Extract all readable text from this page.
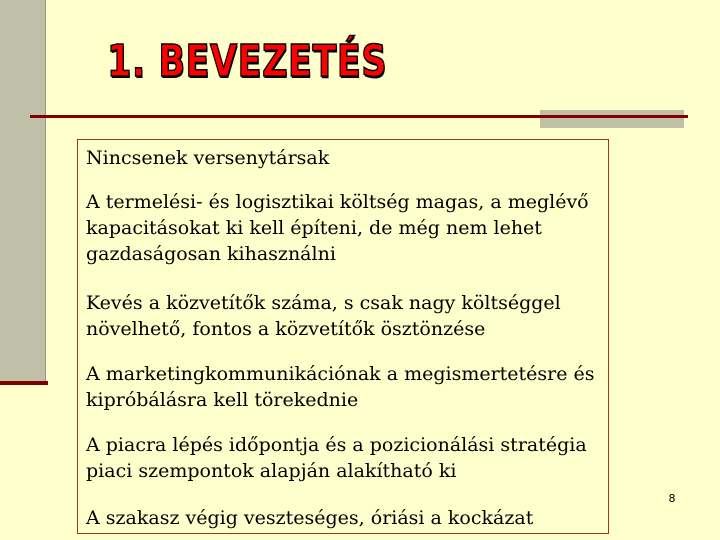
1. BEVEZETÉS
Nincsenek versenytársak
A termelési- és logisztikai költség magas, a meglévő kapacitásokat ki kell építeni, de még nem lehet gazdaságosan kihasználni
Kevés a közvetítők száma, s csak nagy költséggel növelhető, fontos a közvetítők ösztönzése
A marketingkommunikációnak a megismertetésre és kipróbálásra kell törekednie
A piacra lépés időpontja és a pozicionálási stratégia piaci szempontok alapján alakítható ki
A szakasz végig veszteséges, óriási a kockázat
8
